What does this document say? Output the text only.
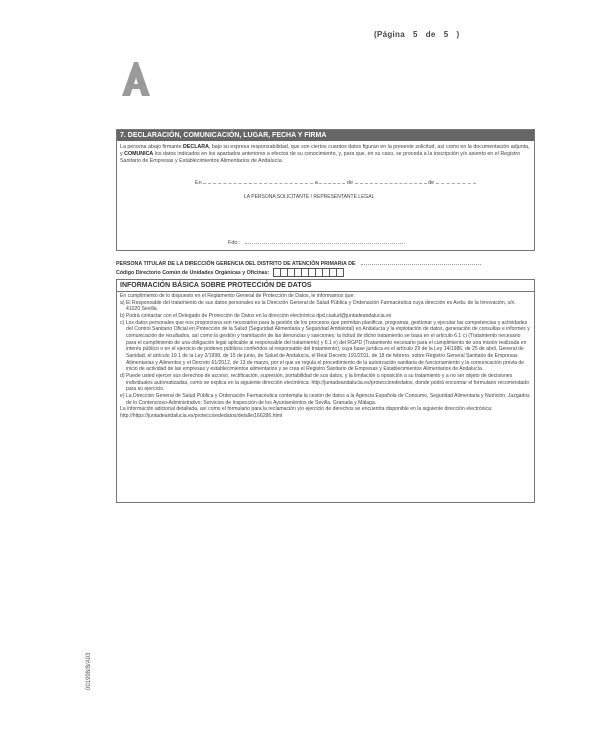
(Página 5 de 5 )
7. DECLARACIÓN, COMUNICACIÓN, LUGAR, FECHA Y FIRMA
La persona abajo firmante DECLARA, bajo su expresa responsabilidad, que son ciertos cuantos datos figuran en la presente solicitud, así como en la documentación adjunta, y COMUNICA los datos indicados en los apartados anteriores a efectos de su conocimiento, y, para que, en su caso, se proceda a la inscripción y/o asiento en el Registro Sanitario de Empresas y Establecimientos Alimentarios de Andalucía.
En	a	de	de
LA PERSONA SOLICITANTE / REPRESENTANTE LEGAL
Fdo.:
PERSONA TITULAR DE LA DIRECCIÓN GERENCIA DEL DISTRITO DE ATENCIÓN PRIMARIA DE
Código Directorio Común de Unidades Orgánicas y Oficinas:
INFORMACIÓN BÁSICA SOBRE PROTECCIÓN DE DATOS

En cumplimiento de lo dispuesto en el Reglamento General de Protección de Datos, le informamos que:

a) El Responsable del tratamiento de sus datos personales es la Dirección General de Salud Pública y Ordenación Farmacéutica cuya dirección es Avda. de la Innovación, s/n. 41020 Sevilla.

b) Podrá contactar con el Delegado de Protección de Datos en la dirección electrónica dpd.csalud@juntadeandalucia.es

c) Los datos personales que nos proporciona son necesarios para la gestión de los procesos que permitan planificar, programar, gestionar y ejecutar las competencias y actividades del Control Sanitario Oficial en Protección de la Salud (Seguridad Alimentaria y Seguridad Ambiental) en Andalucía y la explotación de datos, generación de consultas e informes y comunicación de resultados, así como la gestión y tramitación de las denuncias y sanciones; la licitud de dicho tratamiento se basa en el artículo 6.1 c) (Tratamiento necesario para el cumplimiento de una obligación legal aplicable al responsable del tratamiento) y 6.1 e) del RGPD (Tratamiento necesario para el cumplimiento de una misión realizada en interés público o en el ejercicio de poderes públicos conferidos al responsable del tratamiento), cuya base jurídica es el artículo 29 de la Ley 14/1986, de 25 de abril, General de Sanidad, el artículo 19.1 de la Ley 2/1998, de 15 de junio, de Salud de Andalucía, el Real Decreto 191/2011, de 18 de febrero, sobre Registro General Sanitario de Empresas Alimentarias y Alimentos y el Decreto 61/2012, de 13 de marzo, por el que se regula el procedimiento de la autorización sanitaria de funcionamiento y la comunicación previa de inicio de actividad de las empresas y establecimientos alimentarios y se crea el Registro Sanitario de Empresas y Establecimientos Alimentarios de Andalucía.

d) Puede usted ejercer sus derechos de acceso, rectificación, supresión, portabilidad de sus datos, y la limitación u oposición a su tratamiento y a no ser objeto de decisiones individuales automatizadas, como se explica en la siguiente dirección electrónica: http://juntadeandalucia.es/protecciondedatos, donde podrá encontrar el formulario recomendado para su ejercicio.

e) La Dirección General de Salud Pública y Ordenación Farmacéutica contempla la cesión de datos a la Agencia Española de Consumo, Seguridad Alimentaria y Nutrición; Juzgados de lo Contencioso-Administrativo; Servicios de Inspección de los Ayuntamientos de Sevilla, Granada y Málaga.

La información adicional detallada, así como el formulario para la reclamación y/o ejercicio de derechos se encuentra disponible en la siguiente dirección electrónica: http://https://juntadeandalucia.es/protecciondedatos/detalle/166286.html

001998/8/A03
